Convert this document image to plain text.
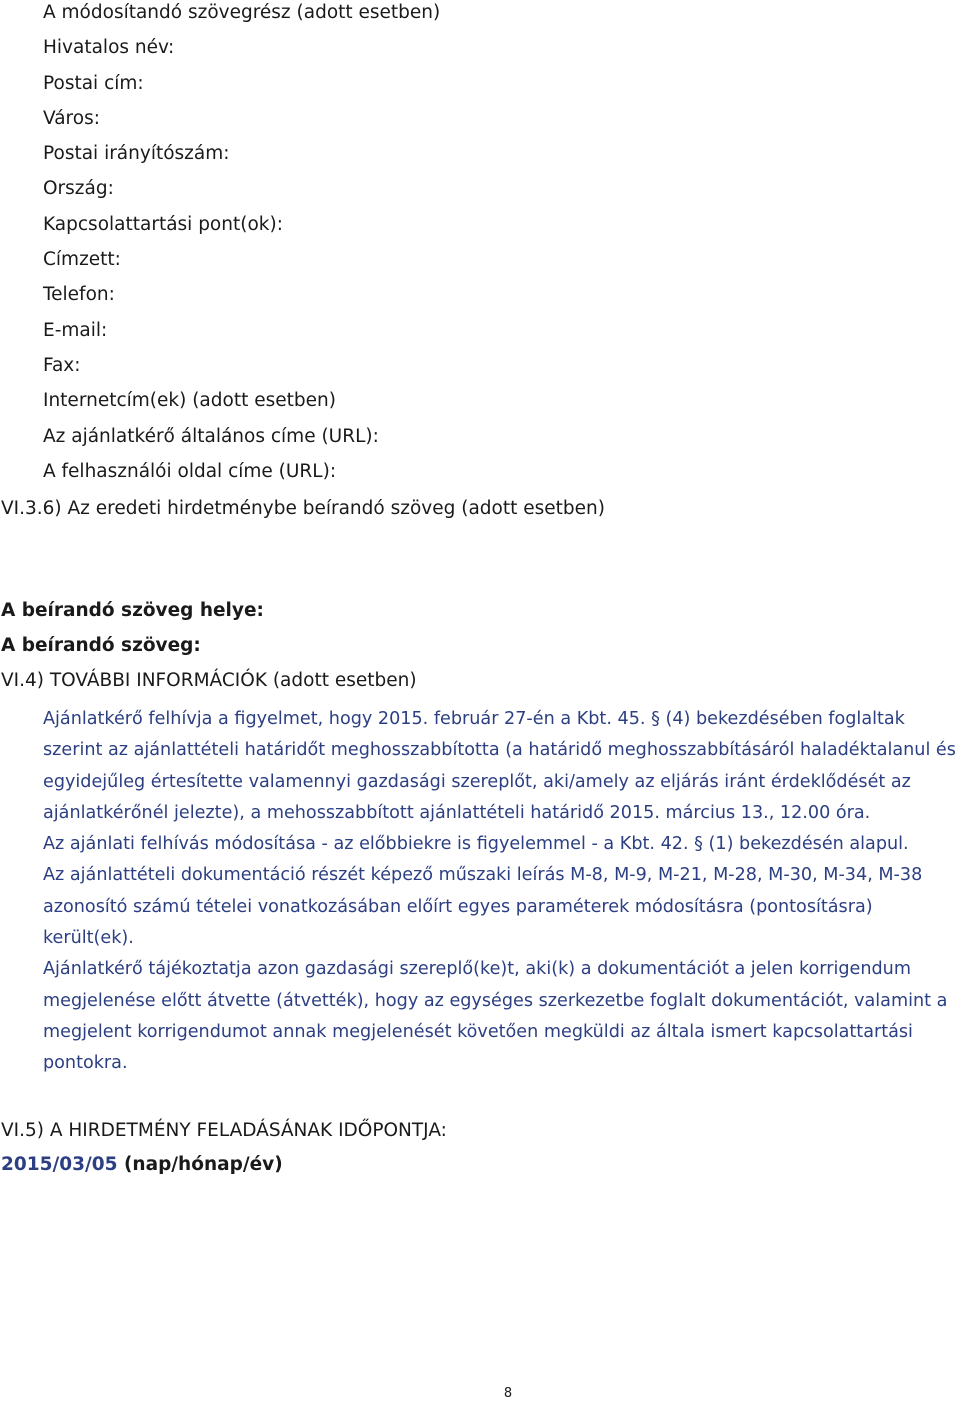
A módosítandó szövegrész (adott esetben)
Hivatalos név:
Postai cím:
Város:
Postai irányítószám:
Ország:
Kapcsolattartási pont(ok):
Címzett:
Telefon:
E-mail:
Fax:
Internetcím(ek) (adott esetben)
Az ajánlatkérő általános címe (URL):
A felhasználói oldal címe (URL):
VI.3.6) Az eredeti hirdetménybe beírandó szöveg (adott esetben)
A beírandó szöveg helye:
A beírandó szöveg:
VI.4) TOVÁBBI INFORMÁCIÓK (adott esetben)

Ajánlatkérő felhívja a figyelmet, hogy 2015. február 27-én a Kbt. 45. § (4) bekezdésében foglaltak szerint az ajánlattételi határidőt meghosszabbította (a határidő meghosszabbításáról haladéktalanul és egyidejűleg értesítette valamennyi gazdasági szereplőt, aki/amely az eljárás iránt érdeklődését az ajánlatkérőnél jelezte), a mehosszabbított ajánlattételi határidő 2015. március 13., 12.00 óra.

Az ajánlati felhívás módosítása - az előbbiekre is figyelemmel - a Kbt. 42. § (1) bekezdésén alapul.

Az ajánlattételi dokumentáció részét képező műszaki leírás M-8, M-9, M-21, M-28, M-30, M-34, M-38 azonosító számú tételei vonatkozásában előírt egyes paraméterek módosításra (pontosításra) került(ek).

Ajánlatkérő tájékoztatja azon gazdasági szereplő(ke)t, aki(k) a dokumentációt a jelen korrigendum megjelenése előtt átvette (átvették), hogy az egységes szerkezetbe foglalt dokumentációt, valamint a megjelent korrigendumot annak megjelenését követően megküldi az általa ismert kapcsolattartási pontokra.

VI.5) A HIRDETMÉNY FELADÁSÁNAK IDŐPONTJA:
2015/03/05 (nap/hónap/év)
8
